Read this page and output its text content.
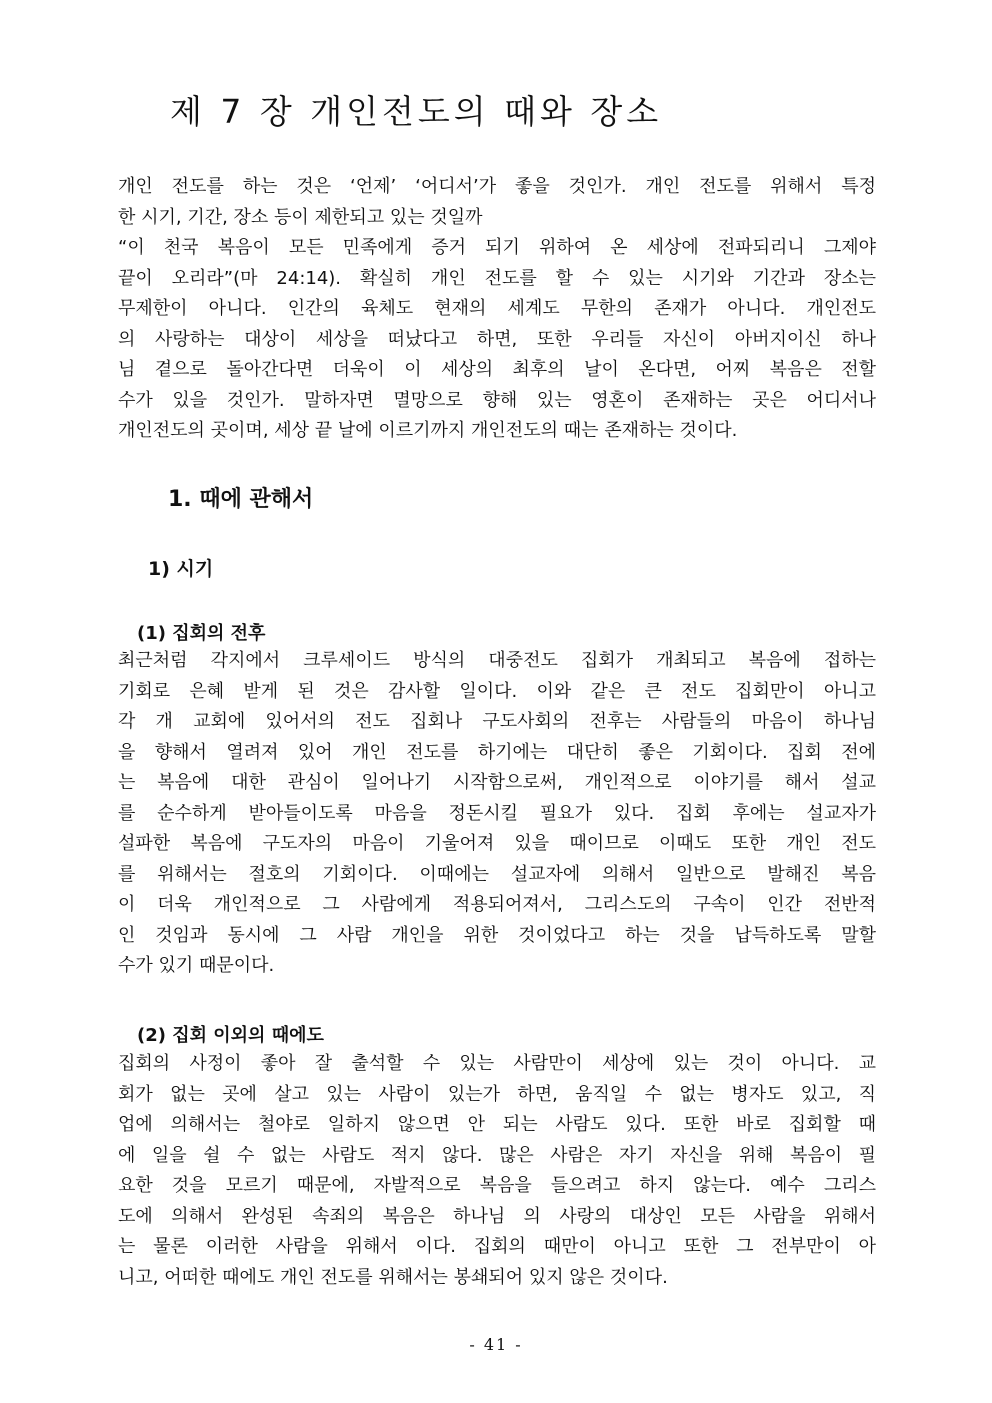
제 7 장 개인전도의 때와 장소
개인 전도를 하는 것은 ‘언제’ ‘어디서’가 좋을 것인가. 개인 전도를 위해서 특정
한 시기, 기간, 장소 등이 제한되고 있는 것일까
“이 천국 복음이 모든 민족에게 증거 되기 위하여 온 세상에 전파되리니 그제야
끝이 오리라”(마 24:14). 확실히 개인 전도를 할 수 있는 시기와 기간과 장소는
무제한이 아니다. 인간의 육체도 현재의 세계도 무한의 존재가 아니다. 개인전도
의 사랑하는 대상이 세상을 떠났다고 하면, 또한 우리들 자신이 아버지이신 하나
님 곁으로 돌아간다면 더욱이 이 세상의 최후의 날이 온다면, 어찌 복음은 전할
수가 있을 것인가. 말하자면 멸망으로 향해 있는 영혼이 존재하는 곳은 어디서나
개인전도의 곳이며, 세상 끝 날에 이르기까지 개인전도의 때는 존재하는 것이다.
1. 때에 관해서
1) 시기
(1) 집회의 전후
최근처럼 각지에서 크루세이드 방식의 대중전도 집회가 개최되고 복음에 접하는
기회로 은혜 받게 된 것은 감사할 일이다. 이와 같은 큰 전도 집회만이 아니고
각 개 교회에 있어서의 전도 집회나 구도사회의 전후는 사람들의 마음이 하나님
을 향해서 열려져 있어 개인 전도를 하기에는 대단히 좋은 기회이다. 집회 전에
는 복음에 대한 관심이 일어나기 시작함으로써, 개인적으로 이야기를 해서 설교
를 순수하게 받아들이도록 마음을 정돈시킬 필요가 있다. 집회 후에는 설교자가
설파한 복음에 구도자의 마음이 기울어져 있을 때이므로 이때도 또한 개인 전도
를 위해서는 절호의 기회이다. 이때에는 설교자에 의해서 일반으로 발해진 복음
이 더욱 개인적으로 그 사람에게 적용되어져서, 그리스도의 구속이 인간 전반적
인 것임과 동시에 그 사람 개인을 위한 것이었다고 하는 것을 납득하도록 말할
수가 있기 때문이다.
(2) 집회 이외의 때에도
집회의 사정이 좋아 잘 출석할 수 있는 사람만이 세상에 있는 것이 아니다. 교
회가 없는 곳에 살고 있는 사람이 있는가 하면, 움직일 수 없는 병자도 있고, 직
업에 의해서는 철야로 일하지 않으면 안 되는 사람도 있다. 또한 바로 집회할 때
에 일을 쉴 수 없는 사람도 적지 않다. 많은 사람은 자기 자신을 위해 복음이 필
요한 것을 모르기 때문에, 자발적으로 복음을 들으려고 하지 않는다. 예수 그리스
도에 의해서 완성된 속죄의 복음은 하나님 의 사랑의 대상인 모든 사람을 위해서
는 물론 이러한 사람을 위해서 이다. 집회의 때만이 아니고 또한 그 전부만이 아
니고, 어떠한 때에도 개인 전도를 위해서는 봉쇄되어 있지 않은 것이다.
- 41 -
